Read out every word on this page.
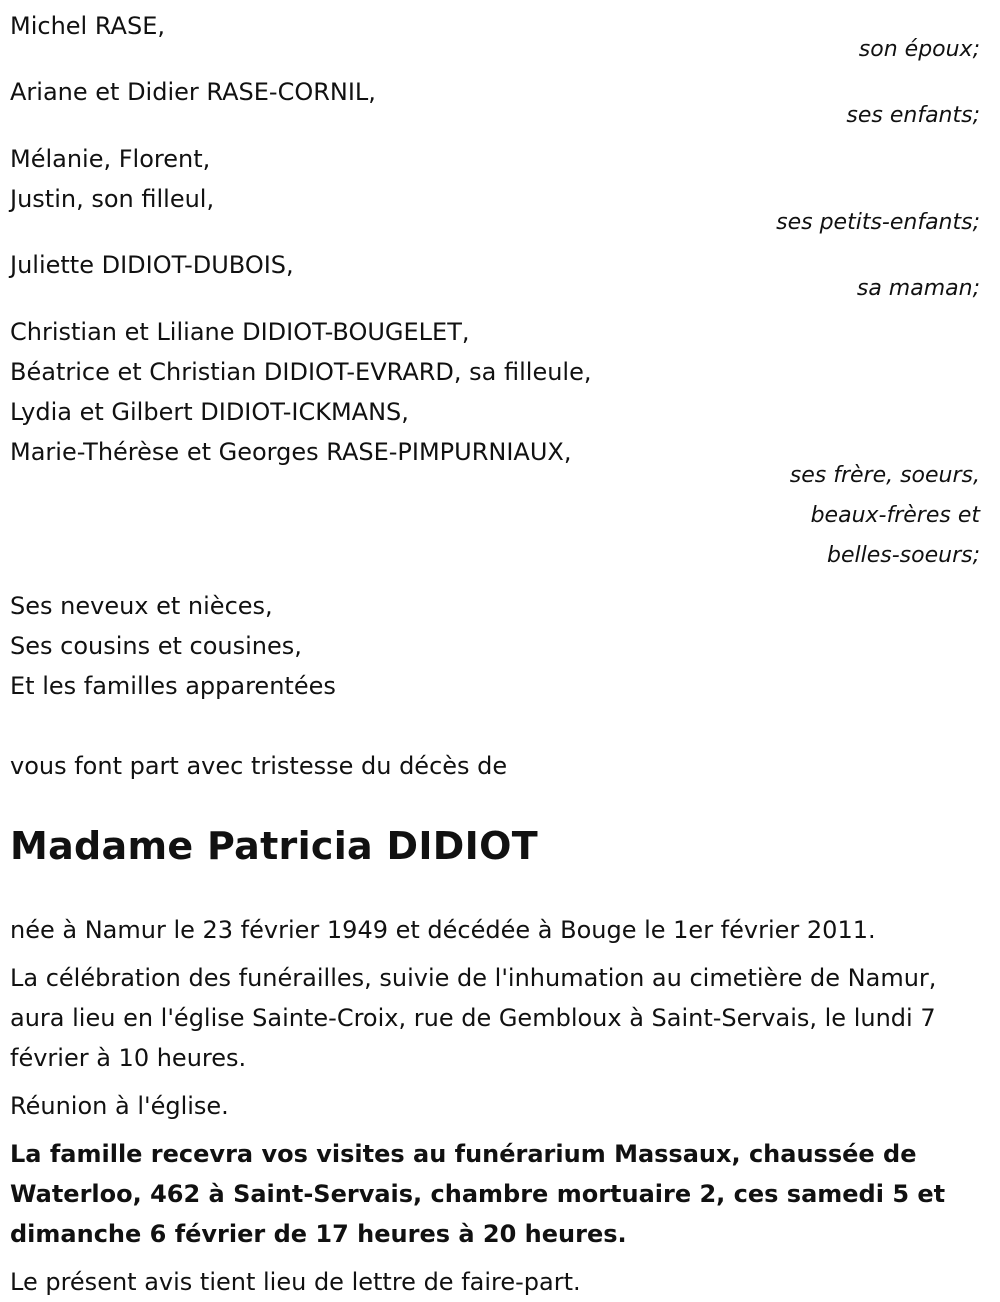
Michel RASE,
son époux;
Ariane et Didier RASE-CORNIL,
ses enfants;
Mélanie, Florent,
Justin, son filleul,
ses petits-enfants;
Juliette DIDIOT-DUBOIS,
sa maman;
Christian et Liliane DIDIOT-BOUGELET,
Béatrice et Christian DIDIOT-EVRARD, sa filleule,
Lydia et Gilbert DIDIOT-ICKMANS,
Marie-Thérèse et Georges RASE-PIMPURNIAUX,
ses frère, soeurs,
beaux-frères et
belles-soeurs;
Ses neveux et nièces,
Ses cousins et cousines,
Et les familles apparentées
vous font part avec tristesse du décès de
Madame Patricia DIDIOT

née à Namur le 23 février 1949 et décédée à Bouge le 1er février 2011.

La célébration des funérailles, suivie de l'inhumation au cimetière de Namur, aura lieu en l'église Sainte-Croix, rue de Gembloux à Saint-Servais, le lundi 7 février à 10 heures.

Réunion à l'église.

La famille recevra vos visites au funérarium Massaux, chaussée de Waterloo, 462 à Saint-Servais, chambre mortuaire 2, ces samedi 5 et dimanche 6 février de 17 heures à 20 heures.

Le présent avis tient lieu de lettre de faire-part.
